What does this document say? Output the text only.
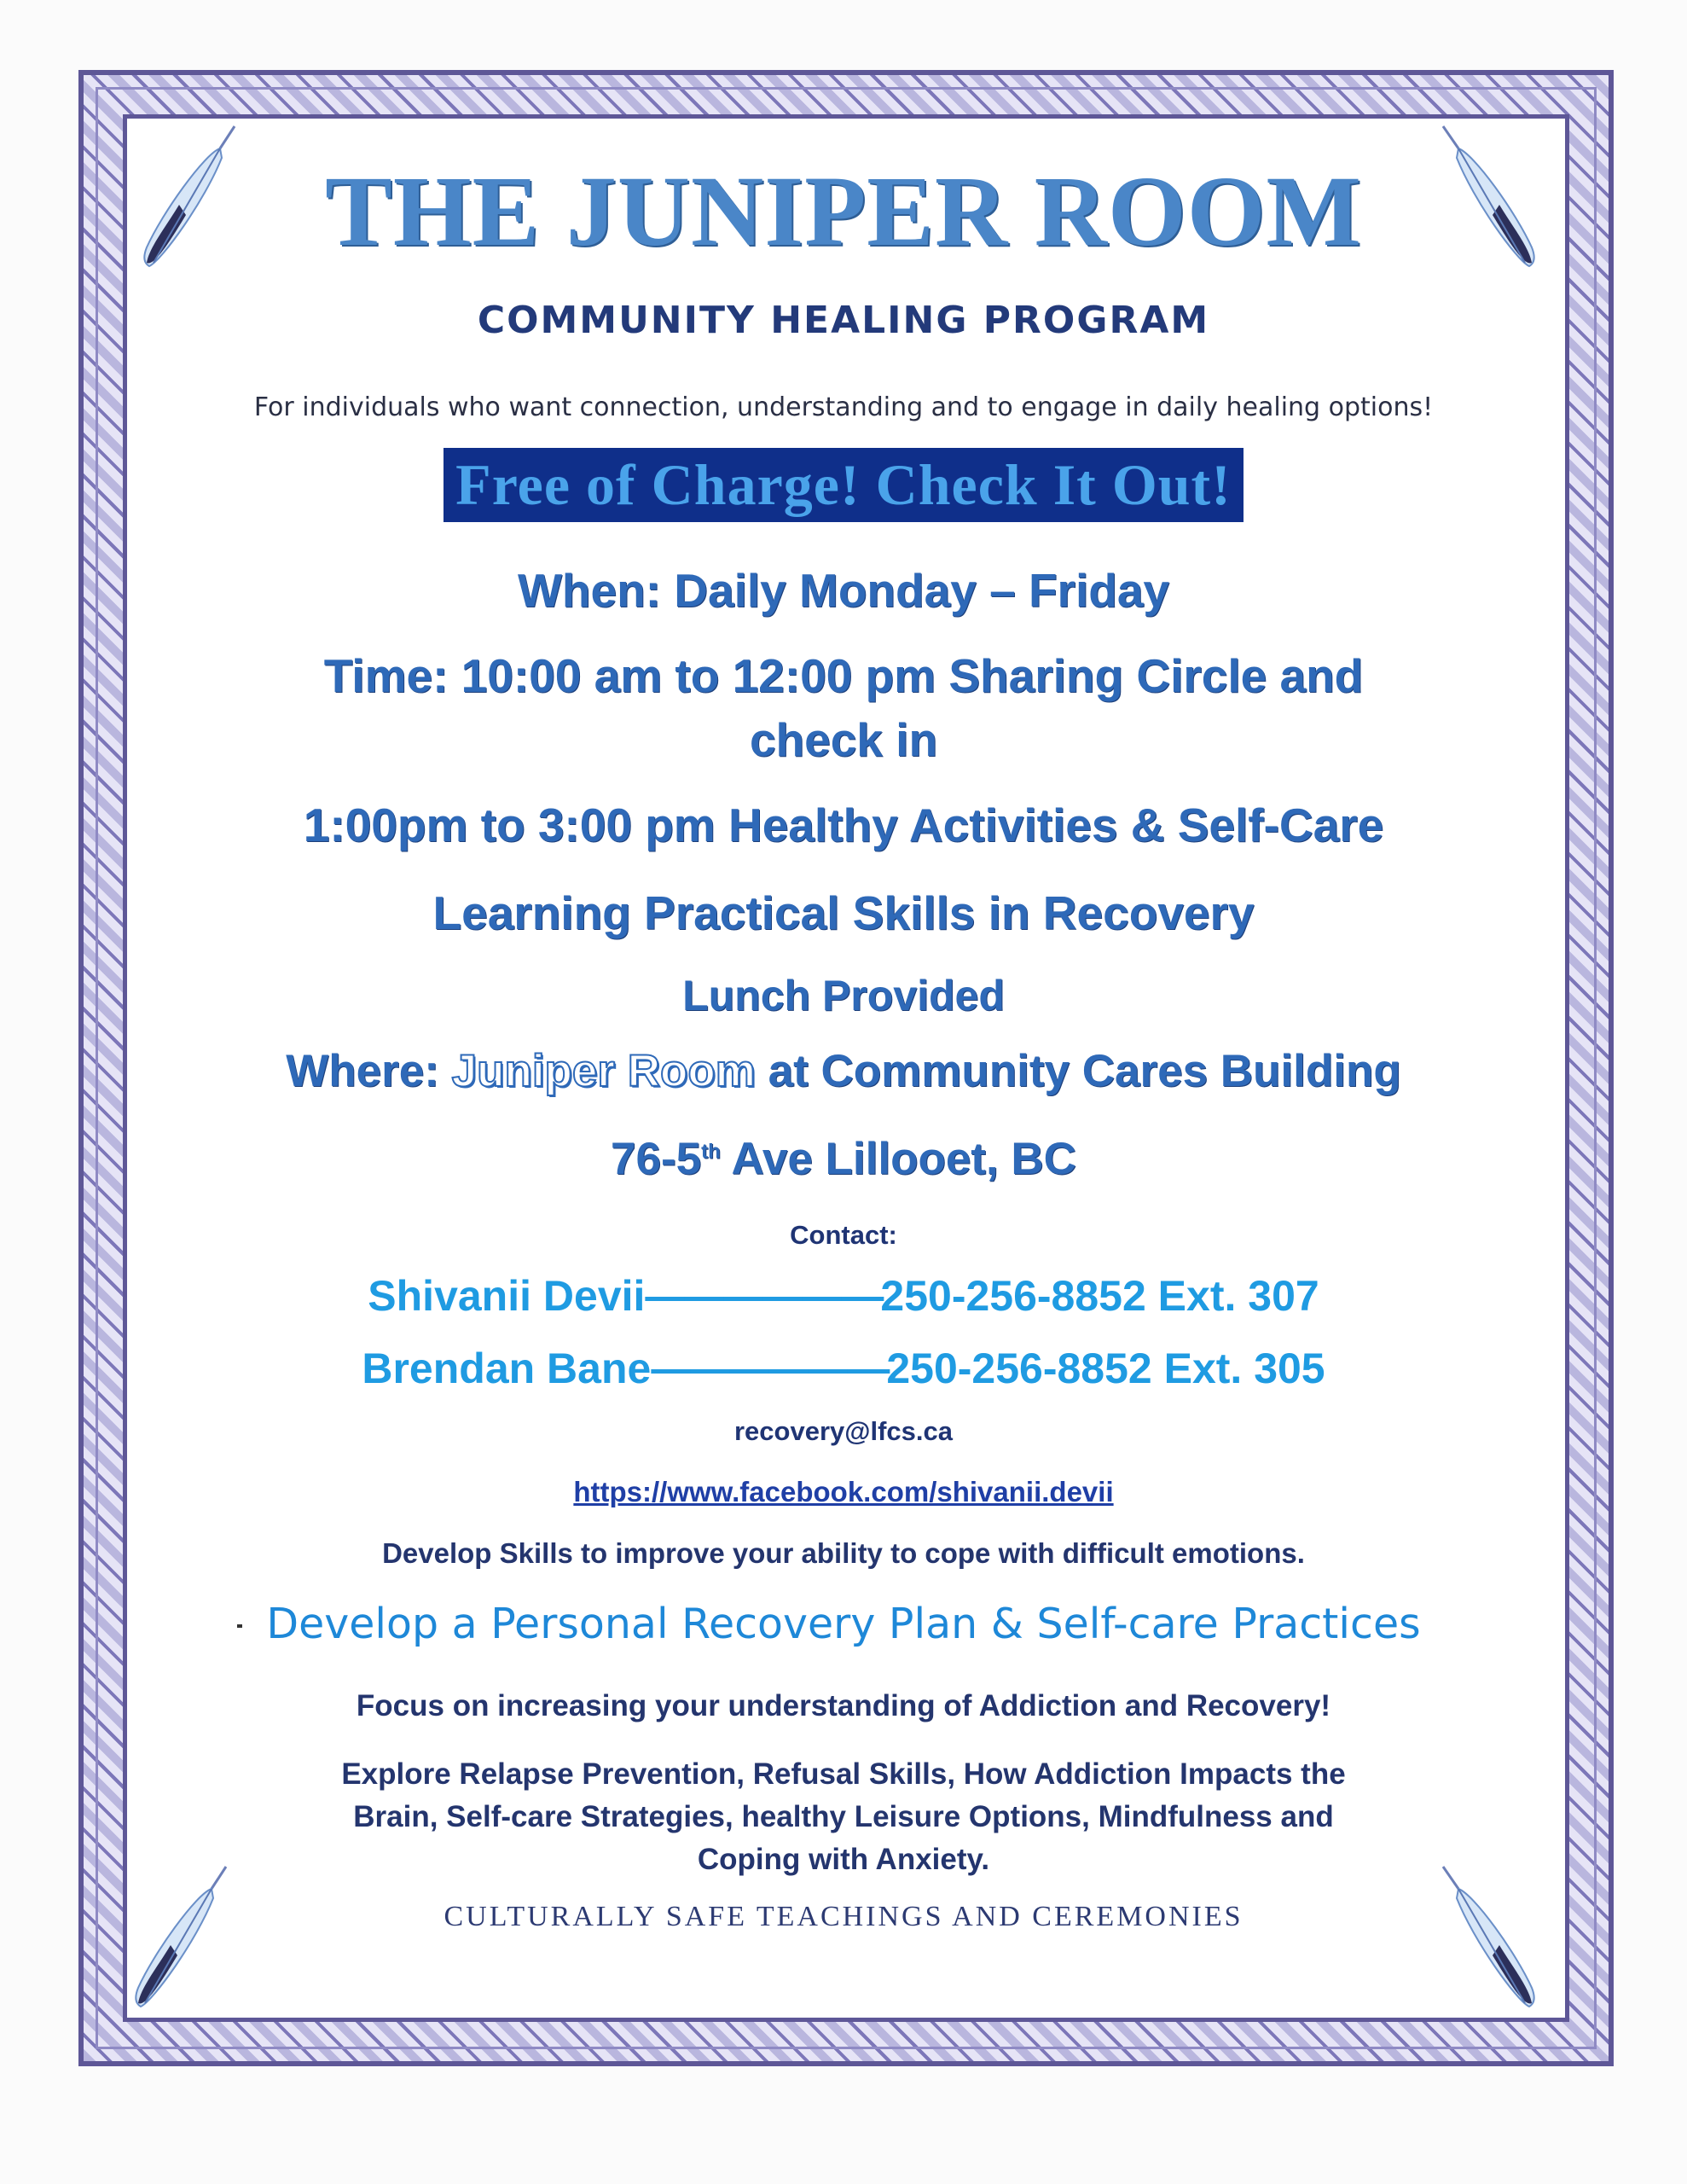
THE JUNIPER ROOM
COMMUNITY HEALING PROGRAM
For individuals who want connection, understanding and to engage in daily healing options!
Free of Charge! Check It Out!
When: Daily Monday – Friday
Time: 10:00 am to 12:00 pm Sharing Circle and
check in
1:00pm to 3:00 pm Healthy Activities & Self-Care
Learning Practical Skills in Recovery
Lunch Provided
Where: Juniper Room at Community Cares Building
76-5th Ave Lillooet, BC
Contact:
Shivanii Devii——————250-256-8852 Ext. 307
Brendan Bane——————250-256-8852 Ext. 305
recovery@lfcs.ca
https://www.facebook.com/shivanii.devii
Develop Skills to improve your ability to cope with difficult emotions.
Develop a Personal Recovery Plan & Self-care Practices
Focus on increasing your understanding of Addiction and Recovery!
Explore Relapse Prevention, Refusal Skills, How Addiction Impacts the
Brain, Self-care Strategies, healthy Leisure Options, Mindfulness and
Coping with Anxiety.
CULTURALLY SAFE TEACHINGS AND CEREMONIES
